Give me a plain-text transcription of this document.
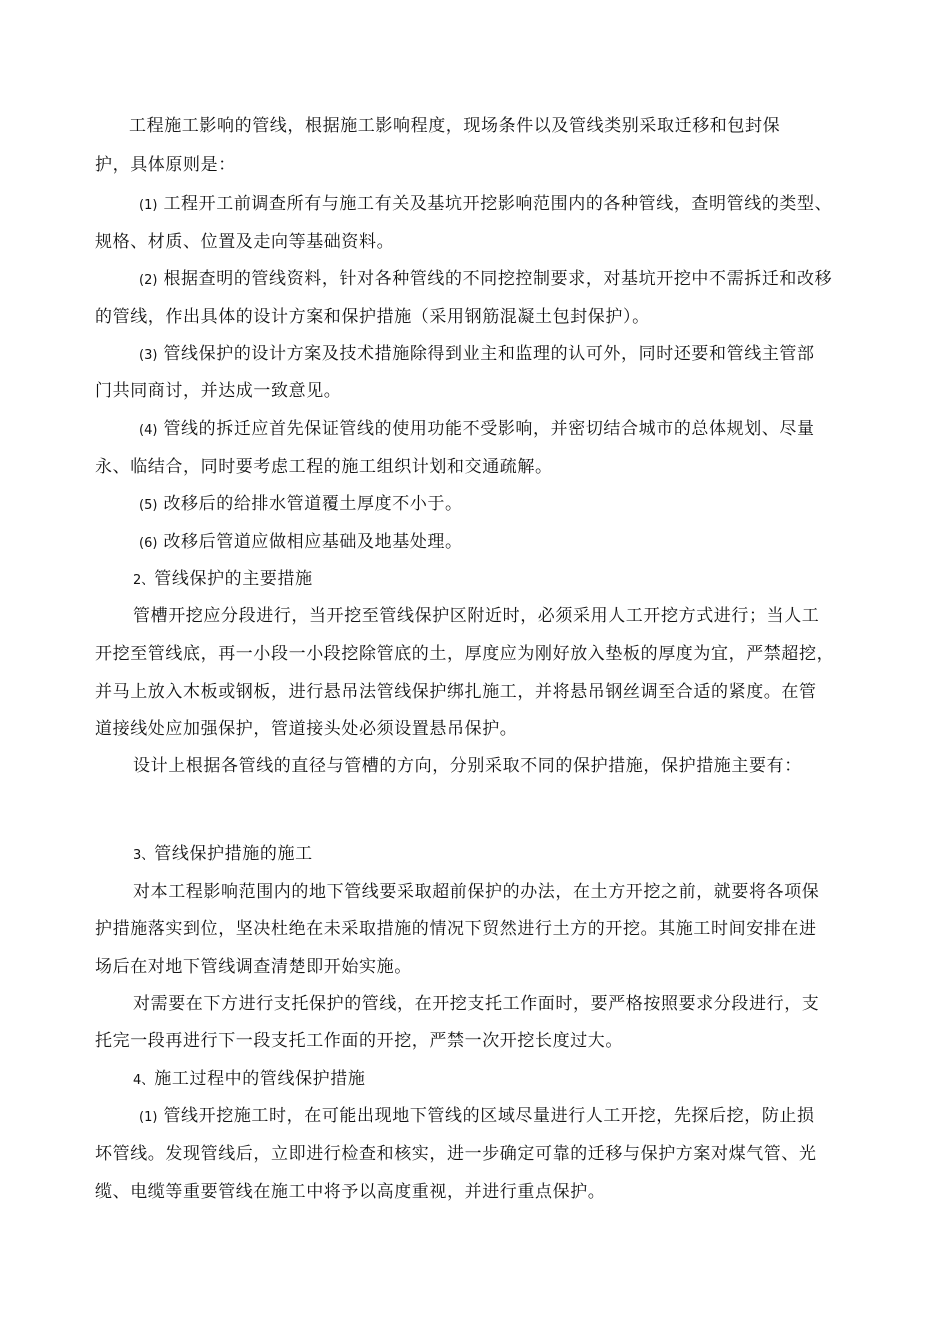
工程施工影响的管线，根据施工影响程度，现场条件以及管线类别采取迁移和包封保
护，具体原则是：
(1) 工程开工前调查所有与施工有关及基坑开挖影响范围内的各种管线，查明管线的类型、
规格、材质、位置及走向等基础资料。
(2) 根据查明的管线资料，针对各种管线的不同挖控制要求，对基坑开挖中不需拆迁和改移
的管线，作出具体的设计方案和保护措施（采用钢筋混凝土包封保护）。
(3) 管线保护的设计方案及技术措施除得到业主和监理的认可外，同时还要和管线主管部
门共同商讨，并达成一致意见。
(4) 管线的拆迁应首先保证管线的使用功能不受影响，并密切结合城市的总体规划、尽量
永、临结合，同时要考虑工程的施工组织计划和交通疏解。
(5) 改移后的给排水管道覆土厚度不小于。
(6) 改移后管道应做相应基础及地基处理。
2、管线保护的主要措施
管槽开挖应分段进行，当开挖至管线保护区附近时，必须采用人工开挖方式进行；当人工
开挖至管线底，再一小段一小段挖除管底的土，厚度应为刚好放入垫板的厚度为宜，严禁超挖，
并马上放入木板或钢板，进行悬吊法管线保护绑扎施工，并将悬吊钢丝调至合适的紧度。在管
道接线处应加强保护，管道接头处必须设置悬吊保护。
设计上根据各管线的直径与管槽的方向，分别采取不同的保护措施，保护措施主要有：
3、管线保护措施的施工
对本工程影响范围内的地下管线要采取超前保护的办法，在土方开挖之前，就要将各项保
护措施落实到位，坚决杜绝在未采取措施的情况下贸然进行土方的开挖。其施工时间安排在进
场后在对地下管线调查清楚即开始实施。
对需要在下方进行支托保护的管线，在开挖支托工作面时，要严格按照要求分段进行，支
托完一段再进行下一段支托工作面的开挖，严禁一次开挖长度过大。
4、施工过程中的管线保护措施
(1) 管线开挖施工时，在可能出现地下管线的区域尽量进行人工开挖，先探后挖，防止损
坏管线。发现管线后，立即进行检查和核实，进一步确定可靠的迁移与保护方案对煤气管、光
缆、电缆等重要管线在施工中将予以高度重视，并进行重点保护。
